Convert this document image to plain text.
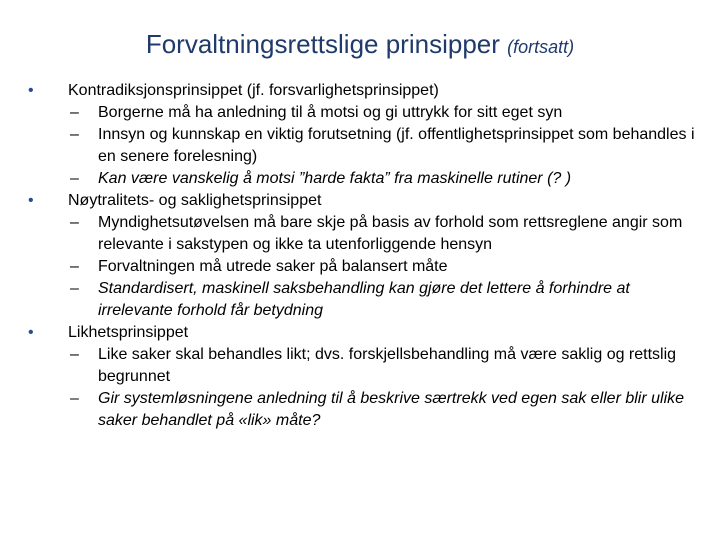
Forvaltningsrettslige prinsipper (fortsatt)
•	Kontradiksjonsprinsippet (jf. forsvarlighetsprinsippet)
–	Borgerne må ha anledning til å motsi og gi uttrykk for sitt eget syn
–	Innsyn og kunnskap en viktig forutsetning (jf. offentlighetsprinsippet som behandles i en senere forelesning)
–	Kan være vanskelig å motsi ”harde fakta” fra maskinelle rutiner (? )
•	Nøytralitets- og saklighetsprinsippet
–	Myndighetsutøvelsen må bare skje på basis av forhold som rettsreglene angir som relevante i sakstypen og ikke ta utenforliggende hensyn
–	Forvaltningen må utrede saker på balansert måte
–	Standardisert, maskinell saksbehandling kan gjøre det lettere å forhindre at irrelevante forhold får betydning
•	Likhetsprinsippet
–	Like saker skal behandles likt; dvs. forskjellsbehandling må være saklig og rettslig begrunnet
–	Gir systemløsningene anledning til å beskrive særtrekk ved egen sak eller blir ulike saker behandlet på «lik» måte?
